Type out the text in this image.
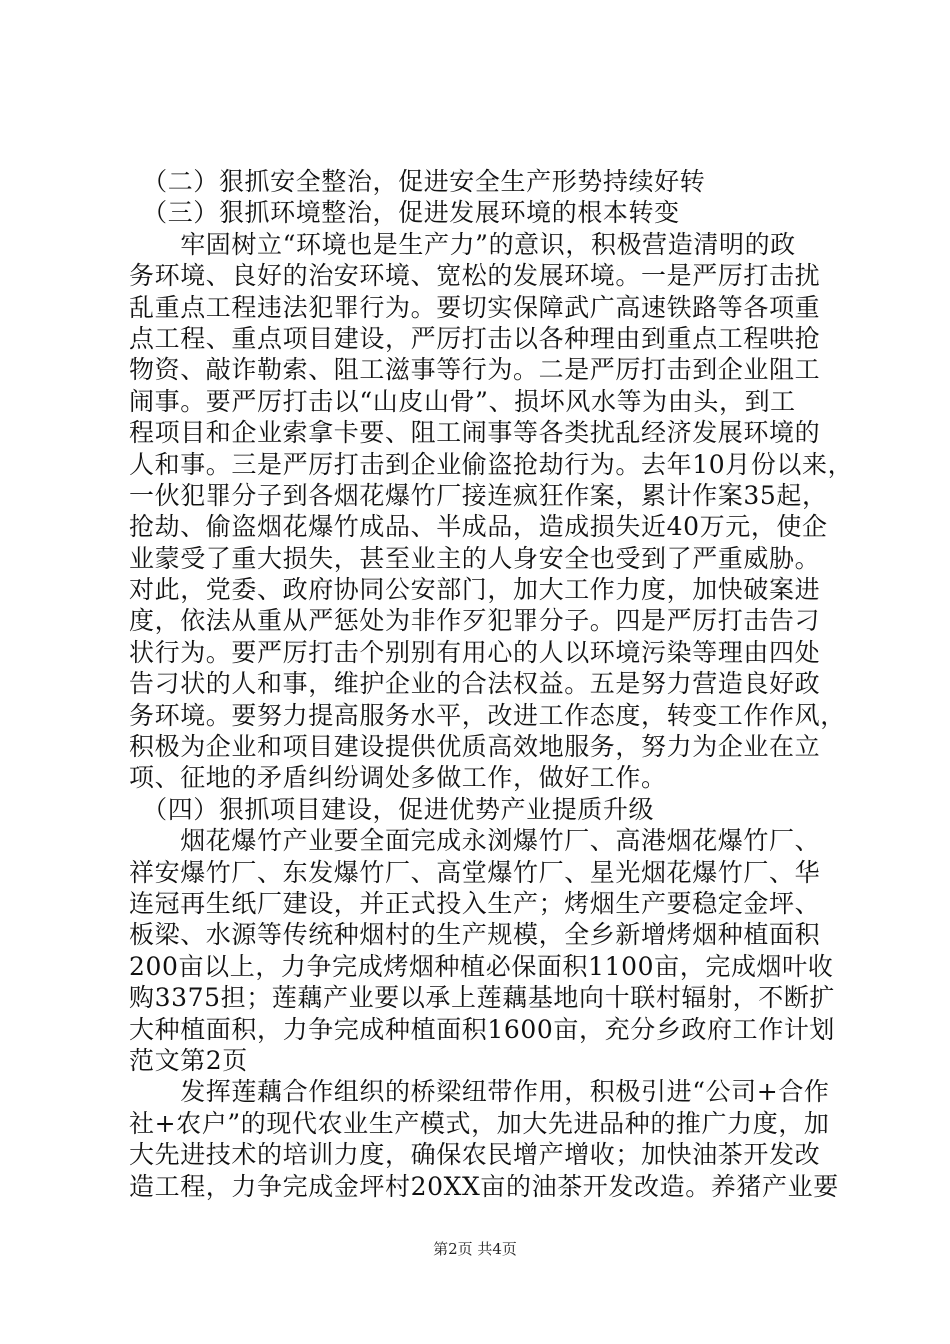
　（二）狠抓安全整治，促进安全生产形势持续好转
　（三）狠抓环境整治，促进发展环境的根本转变
　　牢固树立“环境也是生产力”的意识，积极营造清明的政
务环境、良好的治安环境、宽松的发展环境。一是严厉打击扰
乱重点工程违法犯罪行为。要切实保障武广高速铁路等各项重
点工程、重点项目建设，严厉打击以各种理由到重点工程哄抢
物资、敲诈勒索、阻工滋事等行为。二是严厉打击到企业阻工
闹事。要严厉打击以“山皮山骨”、损坏风水等为由头，到工
程项目和企业索拿卡要、阻工闹事等各类扰乱经济发展环境的
人和事。三是严厉打击到企业偷盗抢劫行为。去年10月份以来，
一伙犯罪分子到各烟花爆竹厂接连疯狂作案，累计作案35起，
抢劫、偷盗烟花爆竹成品、半成品，造成损失近40万元，使企
业蒙受了重大损失，甚至业主的人身安全也受到了严重威胁。
对此，党委、政府协同公安部门，加大工作力度，加快破案进
度，依法从重从严惩处为非作歹犯罪分子。四是严厉打击告刁
状行为。要严厉打击个别别有用心的人以环境污染等理由四处
告刁状的人和事，维护企业的合法权益。五是努力营造良好政
务环境。要努力提高服务水平，改进工作态度，转变工作作风，
积极为企业和项目建设提供优质高效地服务，努力为企业在立
项、征地的矛盾纠纷调处多做工作，做好工作。
　（四）狠抓项目建设，促进优势产业提质升级
　　烟花爆竹产业要全面完成永浏爆竹厂、高港烟花爆竹厂、
祥安爆竹厂、东发爆竹厂、高堂爆竹厂、星光烟花爆竹厂、华
连冠再生纸厂建设，并正式投入生产；烤烟生产要稳定金坪、
板梁、水源等传统种烟村的生产规模，全乡新增烤烟种植面积
200亩以上，力争完成烤烟种植必保面积1100亩，完成烟叶收
购3375担；莲藕产业要以承上莲藕基地向十联村辐射，不断扩
大种植面积，力争完成种植面积1600亩，充分乡政府工作计划
范文第2页
　　发挥莲藕合作组织的桥梁纽带作用，积极引进“公司+合作
社+农户”的现代农业生产模式，加大先进品种的推广力度，加
大先进技术的培训力度，确保农民增产增收；加快油茶开发改
造工程，力争完成金坪村20XX亩的油茶开发改造。养猪产业要
第2页 共4页
